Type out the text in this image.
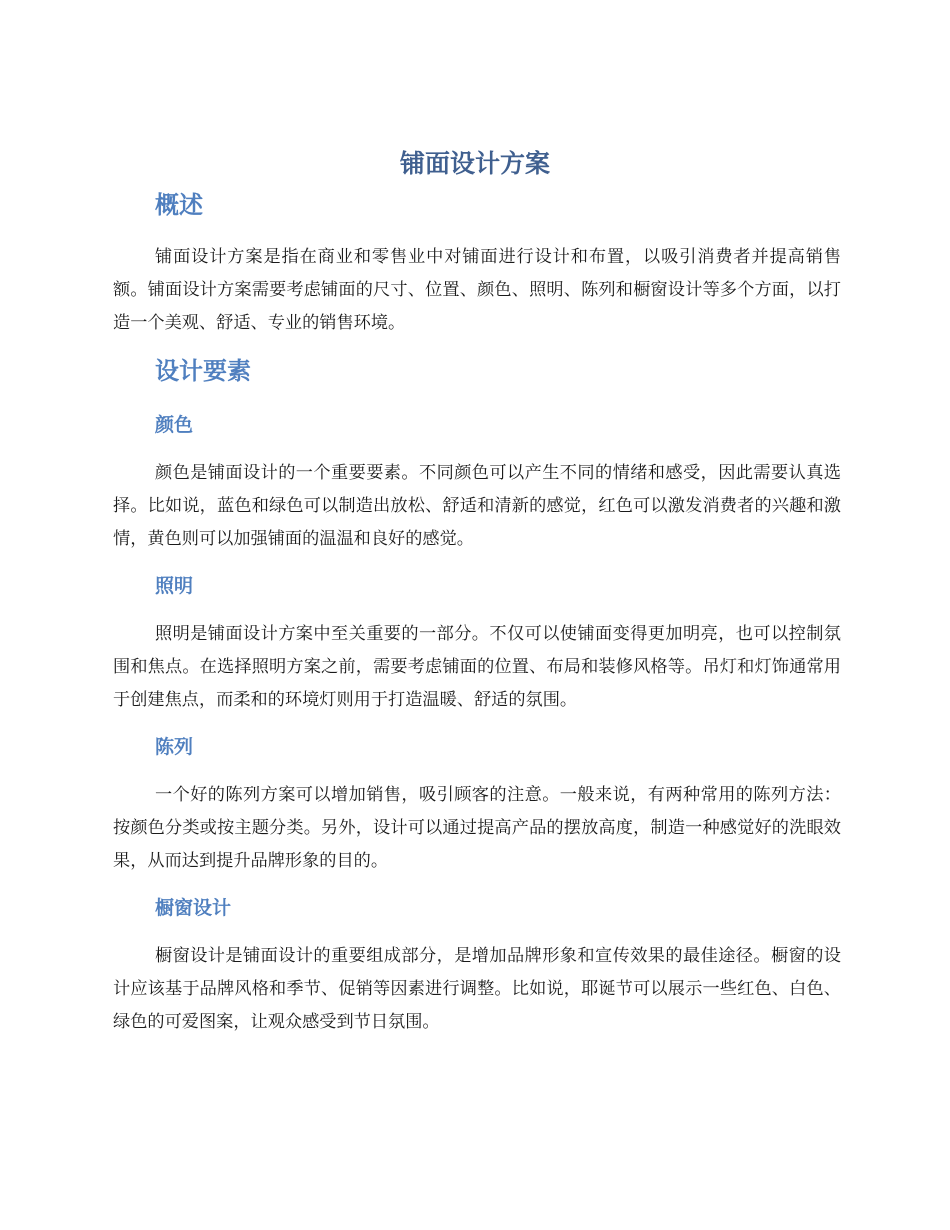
铺面设计方案
概述
铺面设计方案是指在商业和零售业中对铺面进行设计和布置，以吸引消费者并提高销售额。铺面设计方案需要考虑铺面的尺寸、位置、颜色、照明、陈列和橱窗设计等多个方面，以打造一个美观、舒适、专业的销售环境。
设计要素
颜色
颜色是铺面设计的一个重要要素。不同颜色可以产生不同的情绪和感受，因此需要认真选择。比如说，蓝色和绿色可以制造出放松、舒适和清新的感觉，红色可以激发消费者的兴趣和激情，黄色则可以加强铺面的温温和良好的感觉。
照明
照明是铺面设计方案中至关重要的一部分。不仅可以使铺面变得更加明亮，也可以控制氛围和焦点。在选择照明方案之前，需要考虑铺面的位置、布局和装修风格等。吊灯和灯饰通常用于创建焦点，而柔和的环境灯则用于打造温暖、舒适的氛围。
陈列
一个好的陈列方案可以增加销售，吸引顾客的注意。一般来说，有两种常用的陈列方法：按颜色分类或按主题分类。另外，设计可以通过提高产品的摆放高度，制造一种感觉好的洗眼效果，从而达到提升品牌形象的目的。
橱窗设计
橱窗设计是铺面设计的重要组成部分，是增加品牌形象和宣传效果的最佳途径。橱窗的设计应该基于品牌风格和季节、促销等因素进行调整。比如说，耶诞节可以展示一些红色、白色、绿色的可爱图案，让观众感受到节日氛围。
